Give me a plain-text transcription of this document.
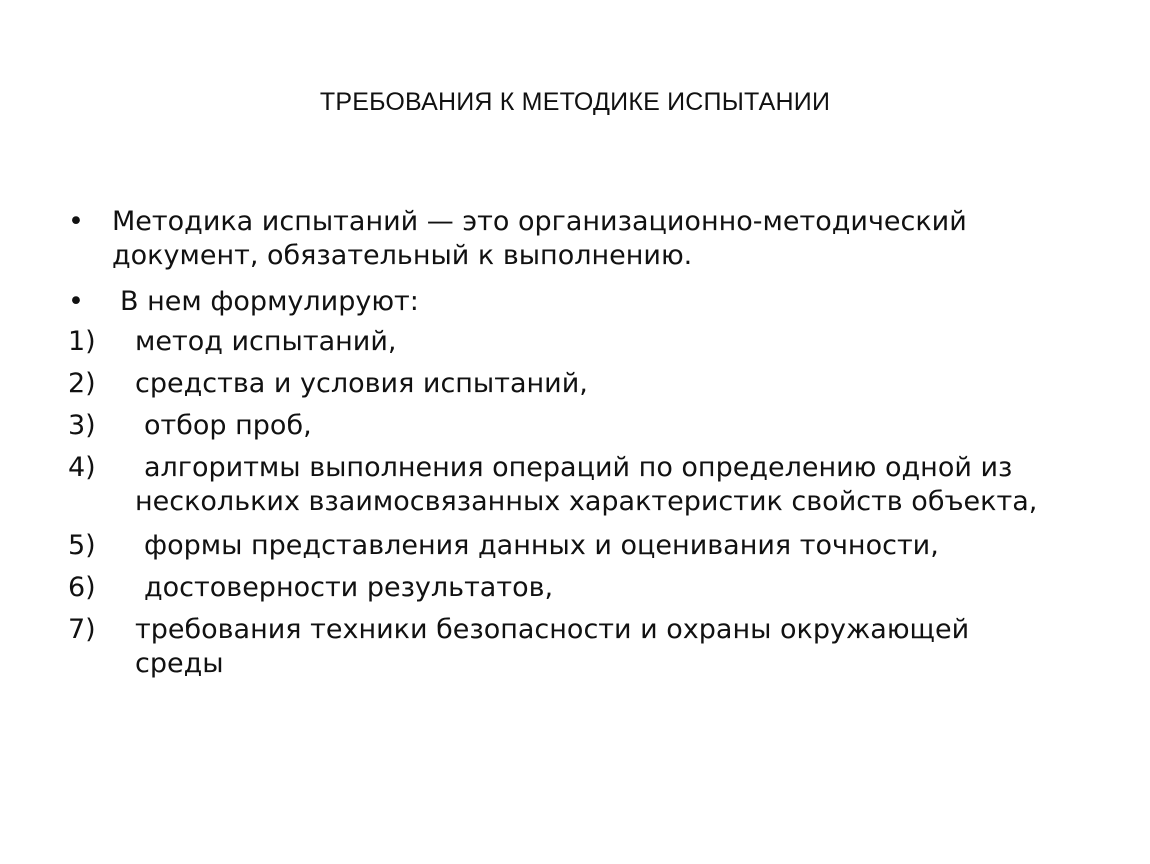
ТРЕБОВАНИЯ К МЕТОДИКЕ ИСПЫТАНИИ
• Методика испытаний — это организационно-методический
документ, обязательный к выполнению.
• В нем формулируют:
1) метод испытаний,
2) средства и условия испытаний,
3) отбор проб,
4) алгоритмы выполнения операций по определению одной из
нескольких взаимосвязанных характеристик свойств объекта,
5) формы представления данных и оценивания точности,
6) достоверности результатов,
7) требования техники безопасности и охраны окружающей
среды
